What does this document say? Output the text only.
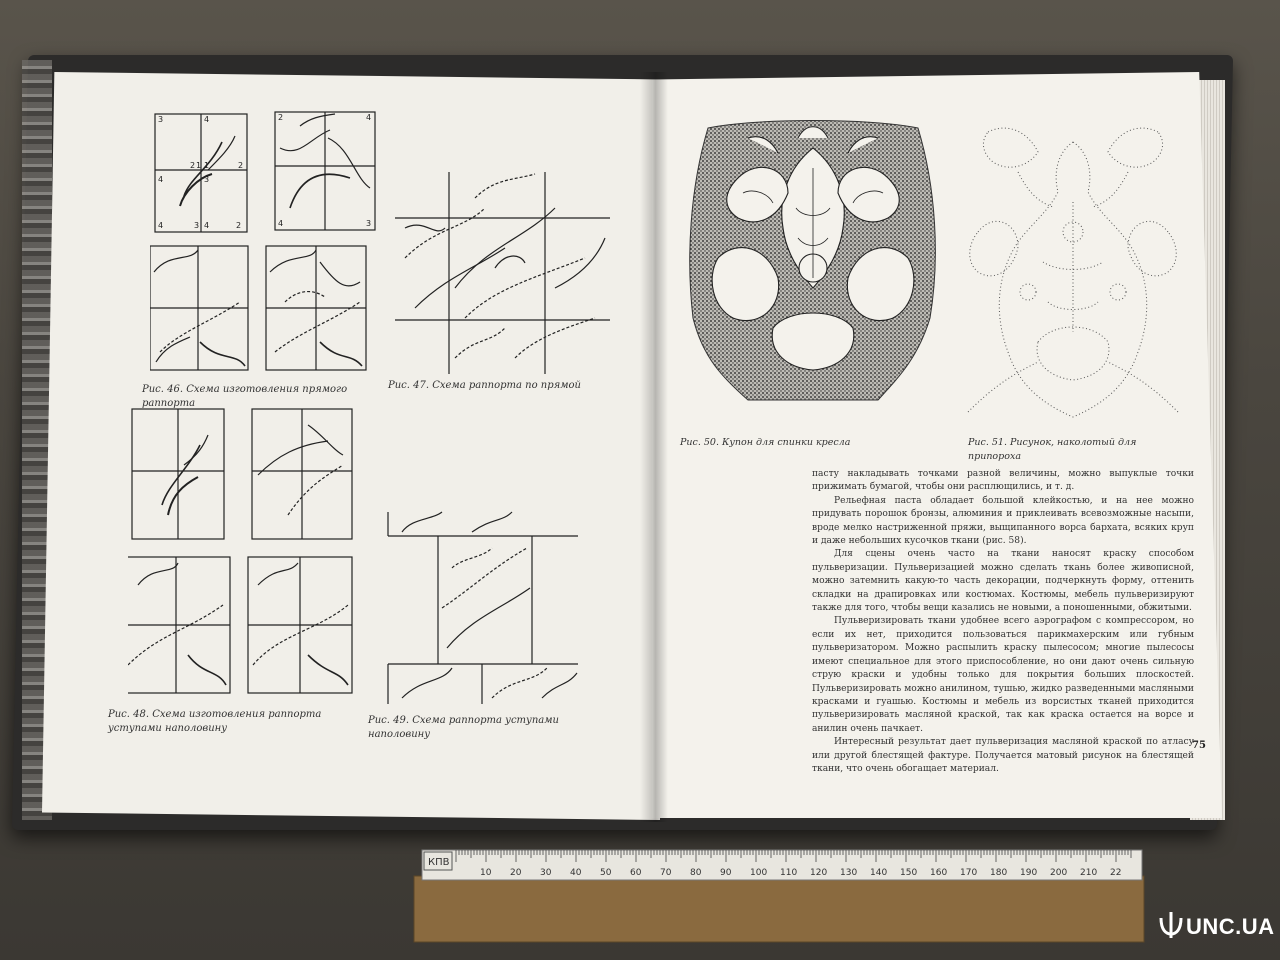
3	4
4
2
2 1 1
2
4	3 4
3
4
2
4	3

Рис. 46. Схема изготовления прямого раппорта

Рис. 47. Схема раппорта по прямой

Рис. 48. Схема изготовления раппорта

уступами наполовину

Рис. 49. Схема раппорта уступами

наполовину

Рис. 50. Купон для спинки кресла	Рис. 51. Рисунок, наколотый для припороха

пасту накладывать точками разной величины, можно выпуклые точки прижимать бумагой, чтобы они расплющились, и т. д.

Рельефная паста обладает большой клейкостью, и на нее можно придувать порошок бронзы, алюминия и приклеивать всевозможные насыпи, вроде мелко настриженной пряжи, выщипанного ворса бархата, всяких круп и даже небольших кусочков ткани (рис. 58).

Для сцены очень часто на ткани наносят краску способом пульверизации. Пульверизацией можно сделать ткань более живописной, можно затемнить какую-то часть декорации, подчеркнуть форму, оттенить складки на драпировках или костюмах. Костюмы, мебель пульверизируют также для того, чтобы вещи казались не новыми, а поношенными, обжитыми.

Пульверизировать ткани удобнее всего аэрографом с компрессором, но если их нет, приходится пользоваться парикмахерским или губным пульверизатором. Можно распылить краску пылесосом; многие пылесосы имеют специальное для этого приспособление, но они дают очень сильную струю краски и удобны только для покрытия больших плоскостей. Пульверизировать можно анилином, тушью, жидко разведенными масляными красками и гуашью. Костюмы и мебель из ворсистых тканей приходится пульверизировать масляной краской, так как краска остается на ворсе и анилин очень пачкает.

Интересный результат дает пульверизация масляной краской по атласу или другой блестящей фактуре. Получается матовый рисунок на блестящей ткани, что очень обогащает материал.

75
10 20 30 40 50 60 70 80 90 100 110 120 130 140 150 160 170 180 190 200 210 22
КПВ
UNC.UA
